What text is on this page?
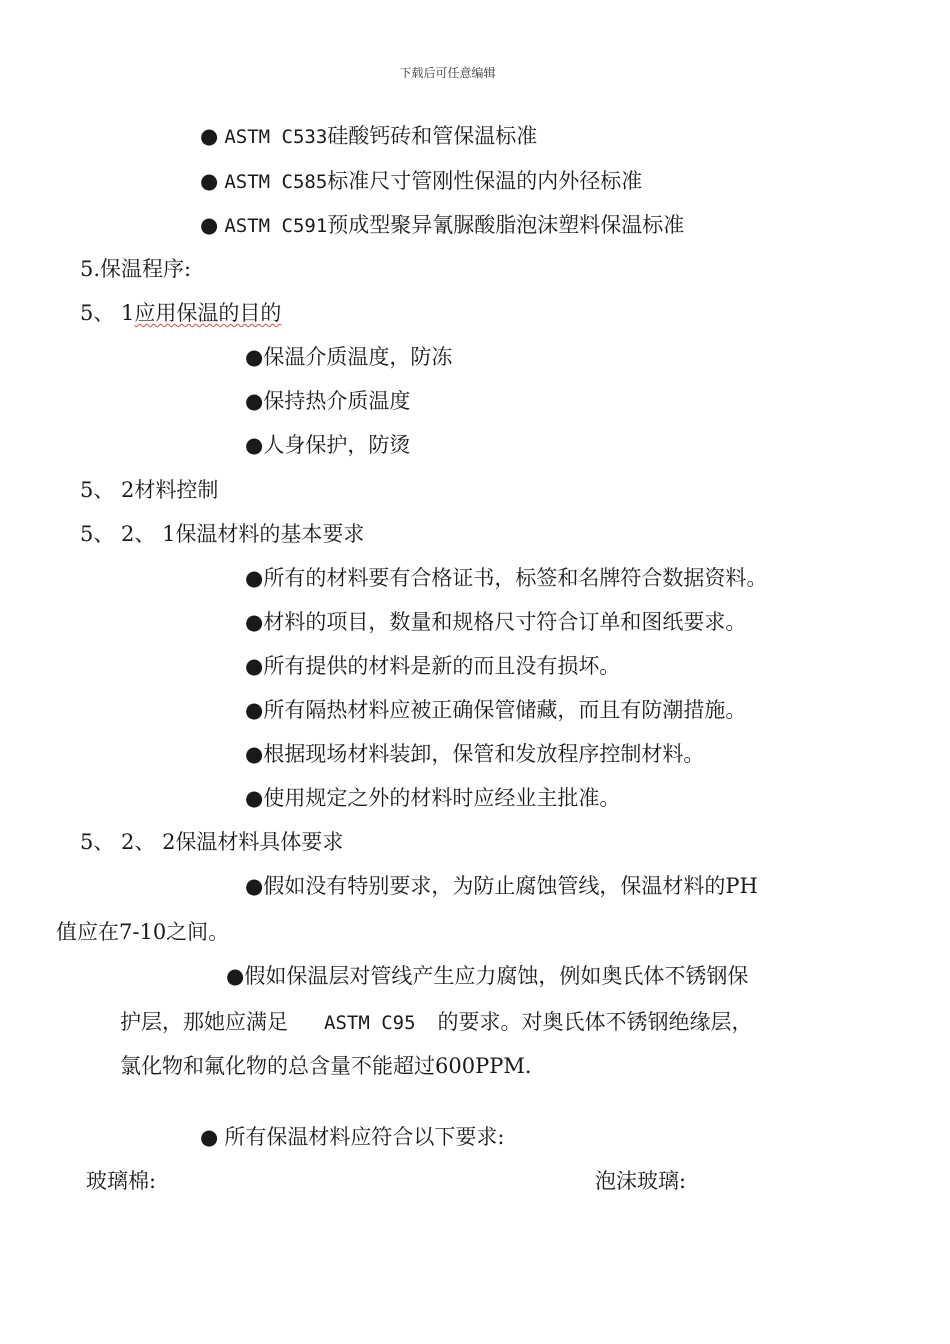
下载后可任意编辑
● ASTM C533硅酸钙砖和管保温标准
● ASTM C585标准尺寸管刚性保温的内外径标准
● ASTM C591预成型聚异氰脲酸脂泡沫塑料保温标准
5.保温程序:
5、 1应用保温的目的
●保温介质温度，防冻
●保持热介质温度
●人身保护，防烫
5、 2材料控制
5、 2、 1保温材料的基本要求
●所有的材料要有合格证书，标签和名牌符合数据资料。
●材料的项目，数量和规格尺寸符合订单和图纸要求。
●所有提供的材料是新的而且没有损坏。
●所有隔热材料应被正确保管储藏，而且有防潮措施。
●根据现场材料装卸，保管和发放程序控制材料。
●使用规定之外的材料时应经业主批准。
5、 2、 2保温材料具体要求
●假如没有特别要求，为防止腐蚀管线，保温材料的PH
值应在7-10之间。
●假如保温层对管线产生应力腐蚀，例如奥氏体不锈钢保
护层，那她应满足 ASTM C95 的要求。对奥氏体不锈钢绝缘层，
氯化物和氟化物的总含量不能超过600PPM.
● 所有保温材料应符合以下要求:
玻璃棉:	泡沫玻璃:
